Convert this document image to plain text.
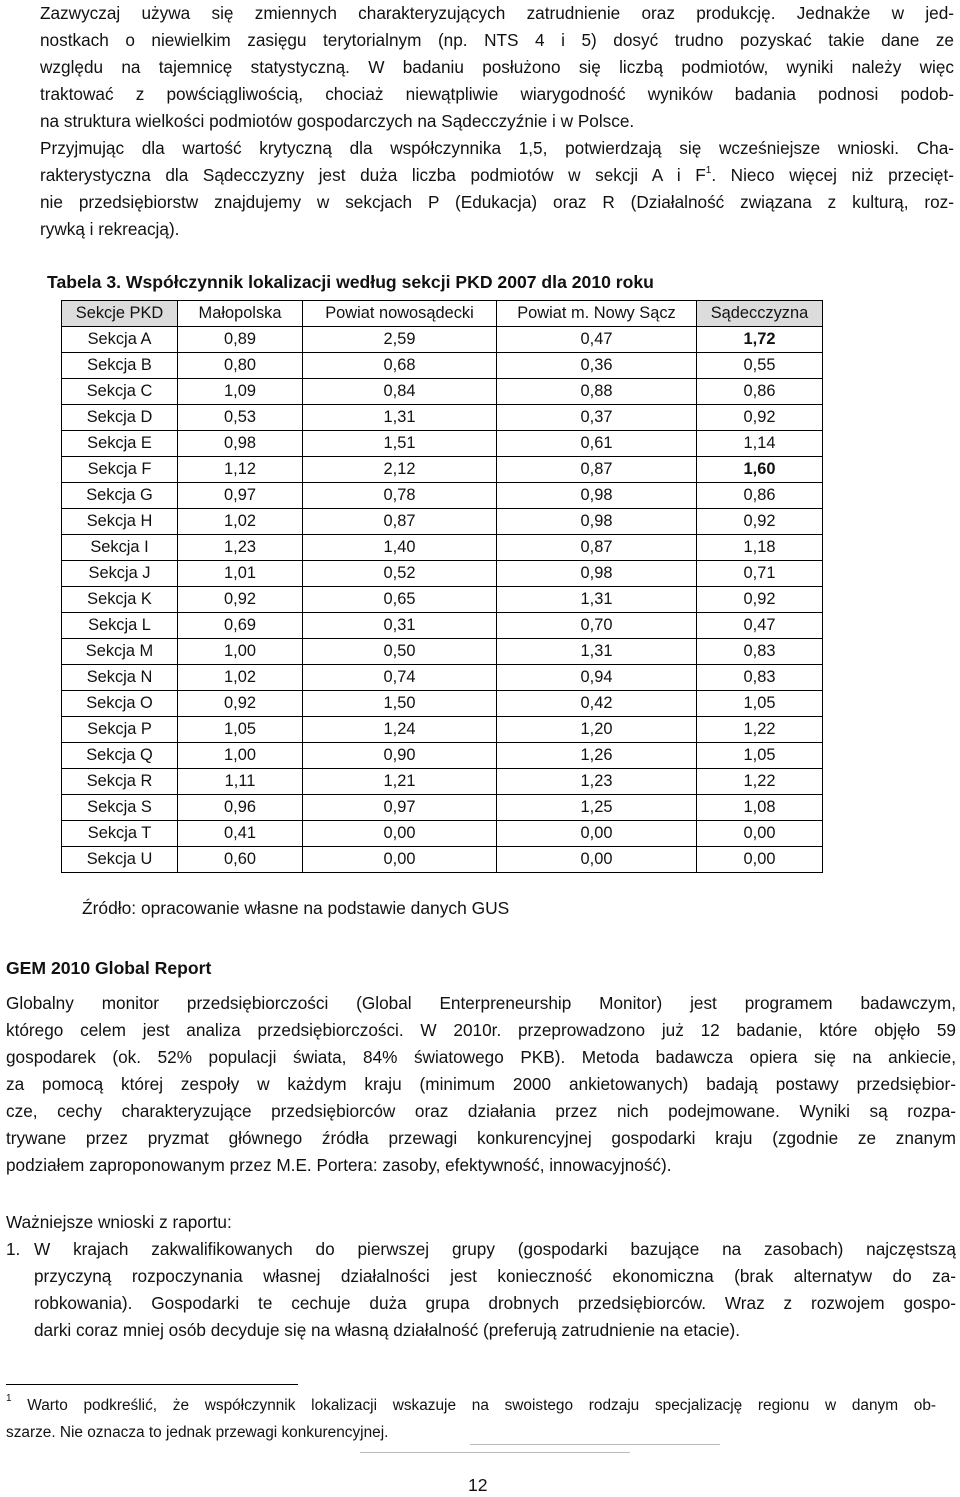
Zazwyczaj używa się zmiennych charakteryzujących zatrudnienie oraz produkcję. Jednakże w jed-
nostkach o niewielkim zasięgu terytorialnym (np. NTS 4 i 5) dosyć trudno pozyskać takie dane ze
względu na tajemnicę statystyczną. W badaniu posłużono się liczbą podmiotów, wyniki należy więc
traktować z powściągliwością, chociaż niewątpliwie wiarygodność wyników badania podnosi podob-
na struktura wielkości podmiotów gospodarczych na Sądecczyźnie i w Polsce.
Przyjmując dla wartość krytyczną dla współczynnika 1,5, potwierdzają się wcześniejsze wnioski. Cha-
rakterystyczna dla Sądecczyzny jest duża liczba podmiotów w sekcji A i $F^1$. Nieco więcej niż przecięt-
nie przedsiębiorstw znajdujemy w sekcjach P (Edukacja) oraz R (Działalność związana z kulturą, roz-
rywką i rekreacją).
Tabela 3. Współczynnik lokalizacji według sekcji PKD 2007 dla 2010 roku
Sekcje PKD	Małopolska	Powiat nowosądecki	Powiat m. Nowy Sącz	Sądecczyzna
Sekcja A	0,89	2,59	0,47	1,72
Sekcja B	0,80	0,68	0,36	0,55
Sekcja C	1,09	0,84	0,88	0,86
Sekcja D	0,53	1,31	0,37	0,92
Sekcja E	0,98	1,51	0,61	1,14
Sekcja F	1,12	2,12	0,87	1,60
Sekcja G	0,97	0,78	0,98	0,86
Sekcja H	1,02	0,87	0,98	0,92
Sekcja I	1,23	1,40	0,87	1,18
Sekcja J	1,01	0,52	0,98	0,71
Sekcja K	0,92	0,65	1,31	0,92
Sekcja L	0,69	0,31	0,70	0,47
Sekcja M	1,00	0,50	1,31	0,83
Sekcja N	1,02	0,74	0,94	0,83
Sekcja O	0,92	1,50	0,42	1,05
Sekcja P	1,05	1,24	1,20	1,22
Sekcja Q	1,00	0,90	1,26	1,05
Sekcja R	1,11	1,21	1,23	1,22
Sekcja S	0,96	0,97	1,25	1,08
Sekcja T	0,41	0,00	0,00	0,00
Sekcja U	0,60	0,00	0,00	0,00
Źródło: opracowanie własne na podstawie danych GUS
GEM 2010 Global Report
Globalny monitor przedsiębiorczości (Global Enterpreneurship Monitor) jest programem badawczym,
którego celem jest analiza przedsiębiorczości. W 2010r. przeprowadzono już 12 badanie, które objęło 59
gospodarek (ok. 52% populacji świata, 84% światowego PKB). Metoda badawcza opiera się na ankiecie,
za pomocą której zespoły w każdym kraju (minimum 2000 ankietowanych) badają postawy przedsiębior-
cze, cechy charakteryzujące przedsiębiorców oraz działania przez nich podejmowane. Wyniki są rozpa-
trywane przez pryzmat głównego źródła przewagi konkurencyjnej gospodarki kraju (zgodnie ze znanym
podziałem zaproponowanym przez M.E. Portera: zasoby, efektywność, innowacyjność).
Ważniejsze wnioski z raportu:
1. W krajach zakwalifikowanych do pierwszej grupy (gospodarki bazujące na zasobach) najczęstszą
przyczyną rozpoczynania własnej działalności jest konieczność ekonomiczna (brak alternatyw do za-
robkowania). Gospodarki te cechuje duża grupa drobnych przedsiębiorców. Wraz z rozwojem gospo-
darki coraz mniej osób decyduje się na własną działalność (preferują zatrudnienie na etacie).
$^1$ Warto podkreślić, że współczynnik lokalizacji wskazuje na swoistego rodzaju specjalizację regionu w danym ob-
szarze. Nie oznacza to jednak przewagi konkurencyjnej.
12
